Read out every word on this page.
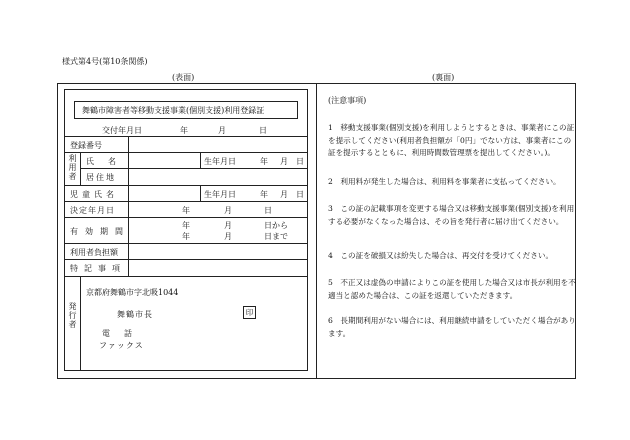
様式第4号(第10条関係)
(表面)	(裏面)
舞鶴市障害者等移動支援事業(個別支援)利用登録証
交付年月日	年	月	日
登録番号
利用者 氏名	生年月日	年 月 日
居住地
児童氏名	生年月日	年 月 日
決定年月日	年	月	日
有効期間
年	月	日から
年	月	日まで
利用者負担額
特記事項
発行者
京都府舞鶴市字北吸1044
舞鶴市長	印
電話
ファックス
(注意事項)
1　移動支援事業(個別支援)を利用しようとするときは、事業者にこの証を提示してください(利用者負担額が「0円」でない方は、事業者にこの証を提示するとともに、利用時間数管理票を提出してください。)。
2　利用料が発生した場合は、利用料を事業者に支払ってください。
3　この証の記載事項を変更する場合又は移動支援事業(個別支援)を利用する必要がなくなった場合は、その旨を発行者に届け出てください。
4　この証を破損又は紛失した場合は、再交付を受けてください。
5　不正又は虚偽の申請によりこの証を使用した場合又は市長が利用を不適当と認めた場合は、この証を返還していただきます。
6　長期間利用がない場合には、利用継続申請をしていただく場合があります。
